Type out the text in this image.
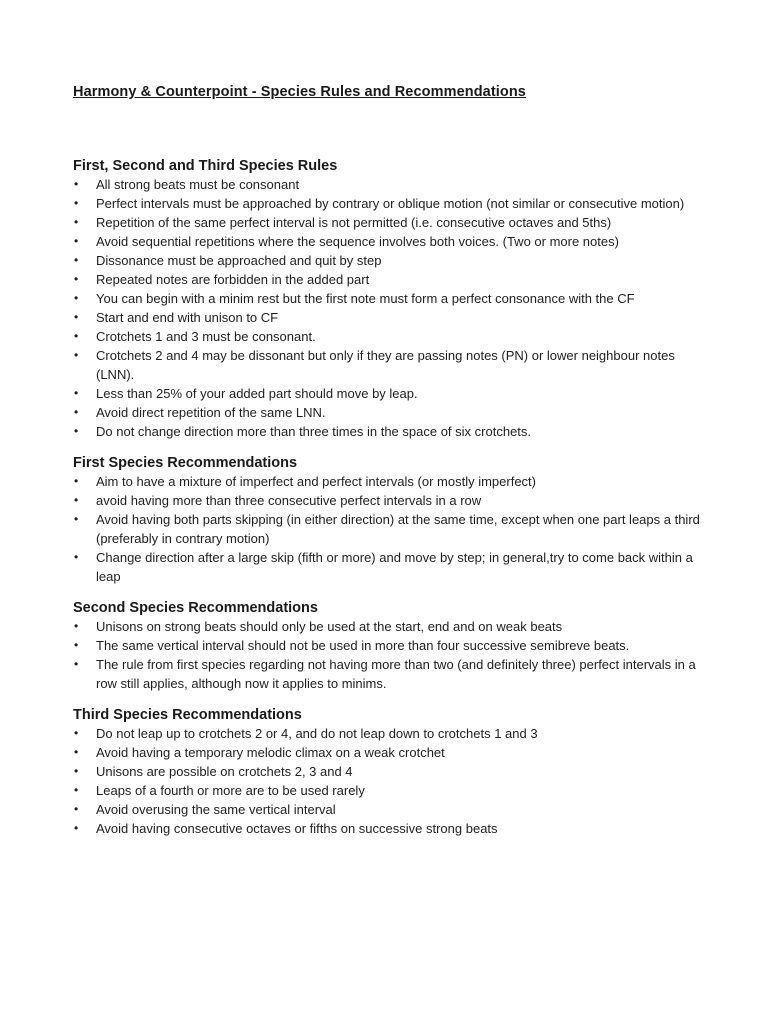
Harmony & Counterpoint - Species Rules and Recommendations
First, Second and Third Species Rules
• All strong beats must be consonant
• Perfect intervals must be approached by contrary or oblique motion (not similar or consecutive motion)
• Repetition of the same perfect interval is not permitted (i.e. consecutive octaves and 5ths)
• Avoid sequential repetitions where the sequence involves both voices. (Two or more notes)
• Dissonance must be approached and quit by step
• Repeated notes are forbidden in the added part
• You can begin with a minim rest but the first note must form a perfect consonance with the CF
• Start and end with unison to CF
• Crotchets 1 and 3 must be consonant.
• Crotchets 2 and 4 may be dissonant but only if they are passing notes (PN) or lower neighbour notes (LNN).
• Less than 25% of your added part should move by leap.
• Avoid direct repetition of the same LNN.
• Do not change direction more than three times in the space of six crotchets.
First Species Recommendations
• Aim to have a mixture of imperfect and perfect intervals (or mostly imperfect)
• avoid having more than three consecutive perfect intervals in a row
• Avoid having both parts skipping (in either direction) at the same time, except when one part leaps a third (preferably in contrary motion)
• Change direction after a large skip (fifth or more) and move by step; in general,try to come back within a leap
Second Species Recommendations
• Unisons on strong beats should only be used at the start, end and on weak beats
• The same vertical interval should not be used in more than four successive semibreve beats.
• The rule from first species regarding not having more than two (and definitely three) perfect intervals in a row still applies, although now it applies to minims.
Third Species Recommendations
• Do not leap up to crotchets 2 or 4, and do not leap down to crotchets 1 and 3
• Avoid having a temporary melodic climax on a weak crotchet
• Unisons are possible on crotchets 2, 3 and 4
• Leaps of a fourth or more are to be used rarely
• Avoid overusing the same vertical interval
• Avoid having consecutive octaves or fifths on successive strong beats
